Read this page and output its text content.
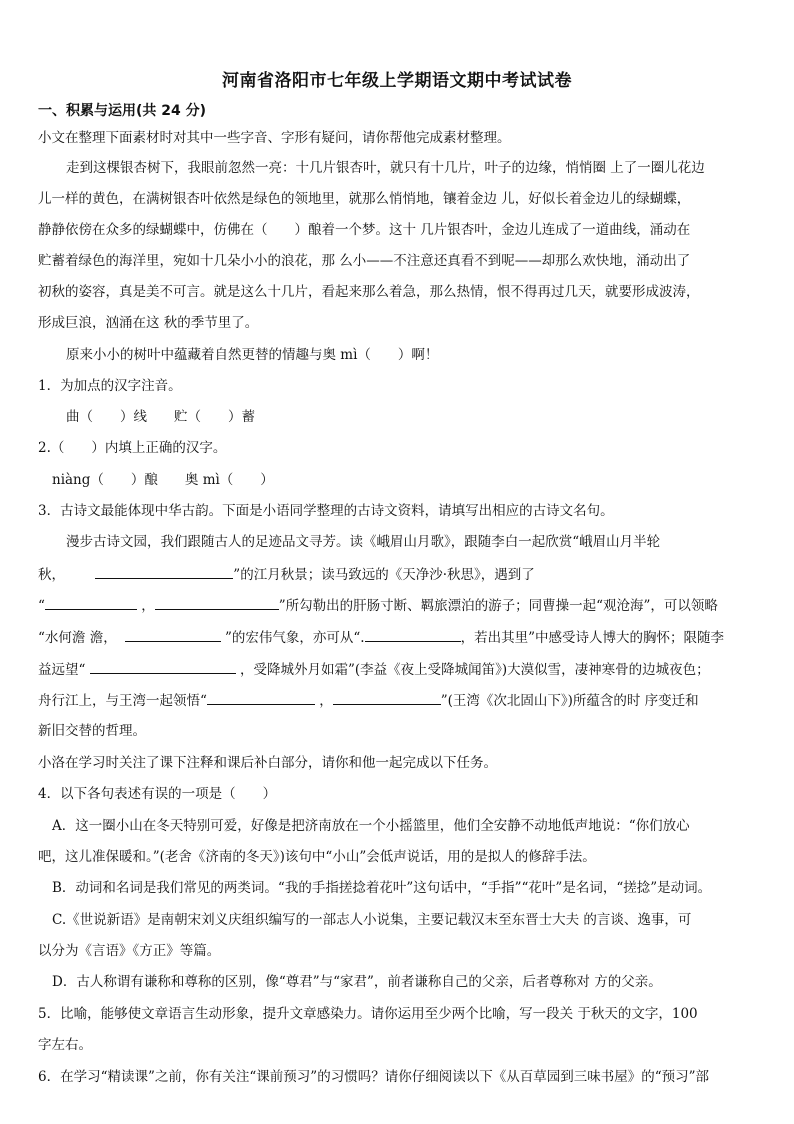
河南省洛阳市七年级上学期语文期中考试试卷
一、积累与运用(共 24 分)
小文在整理下面素材时对其中一些字音、字形有疑问，请你帮他完成素材整理。
走到这棵银杏树下，我眼前忽然一亮：十几片银杏叶，就只有十几片，叶子的边缘，悄悄圈 上了一圈儿花边
儿一样的黄色，在满树银杏叶依然是绿色的领地里，就那么悄悄地，镶着金边 儿，好似长着金边儿的绿蝴蝶，
静静依傍在众多的绿蝴蝶中，仿佛在（　　）酿着一个梦。这十 几片银杏叶，金边儿连成了一道曲线，涌动在
贮蓄着绿色的海洋里，宛如十几朵小小的浪花，那 么小——不注意还真看不到呢——却那么欢快地，涌动出了
初秋的姿容，真是美不可言。就是这么十几片，看起来那么着急，那么热情，恨不得再过几天，就要形成波涛，
形成巨浪，汹涌在这 秋的季节里了。
原来小小的树叶中蕴藏着自然更替的情趣与奥 mì（　　）啊！
1．为加点的汉字注音。
曲（　　）线　　贮（　　）蓄
2.（　　）内填上正确的汉字。
niàng（　　）酿　　奥 mì（　　）
3．古诗文最能体现中华古韵。下面是小语同学整理的古诗文资料，请填写出相应的古诗文名句。
漫步古诗文园，我们跟随古人的足迹品文寻芳。读《峨眉山月歌》，跟随李白一起欣赏“峨眉山月半轮
秋，	”的江月秋景；读马致远的《天净沙·秋思》，遇到了
“	，	”所勾勒出的肝肠寸断、羁旅漂泊的游子；同曹操一起“观沧海”，可以领略
“水何澹 澹，	”的宏伟气象，亦可从“.	，若出其里”中感受诗人博大的胸怀；限随李
益远望“	，受降城外月如霜”(李益《夜上受降城闻笛》)大漠似雪，凄神寒骨的边城夜色；
舟行江上，与王湾一起领悟“	，	”(王湾《次北固山下》)所蕴含的时 序变迁和
新旧交替的哲理。
小洛在学习时关注了课下注释和课后补白部分，请你和他一起完成以下任务。
4．以下各句表述有误的一项是（　　）
A．这一圈小山在冬天特别可爱，好像是把济南放在一个小摇篮里，他们全安静不动地低声地说：“你们放心
吧，这儿准保暖和。”(老舍《济南的冬天》)该句中“小山”会低声说话，用的是拟人的修辞手法。
B．动词和名词是我们常见的两类词。“我的手指搓捻着花叶”这句话中，“手指”“花叶”是名词，“搓捻”是动词。
C.《世说新语》是南朝宋刘义庆组织编写的一部志人小说集，主要记载汉末至东晋士大夫 的言谈、逸事，可
以分为《言语》《方正》等篇。
D．古人称谓有谦称和尊称的区别，像“尊君”与“家君”，前者谦称自己的父亲，后者尊称对 方的父亲。
5．比喻，能够使文章语言生动形象，提升文章感染力。请你运用至少两个比喻，写一段关 于秋天的文字，100
字左右。
6．在学习“精读课”之前，你有关注“课前预习”的习惯吗？请你仔细阅读以下《从百草园到三味书屋》的“预习”部
